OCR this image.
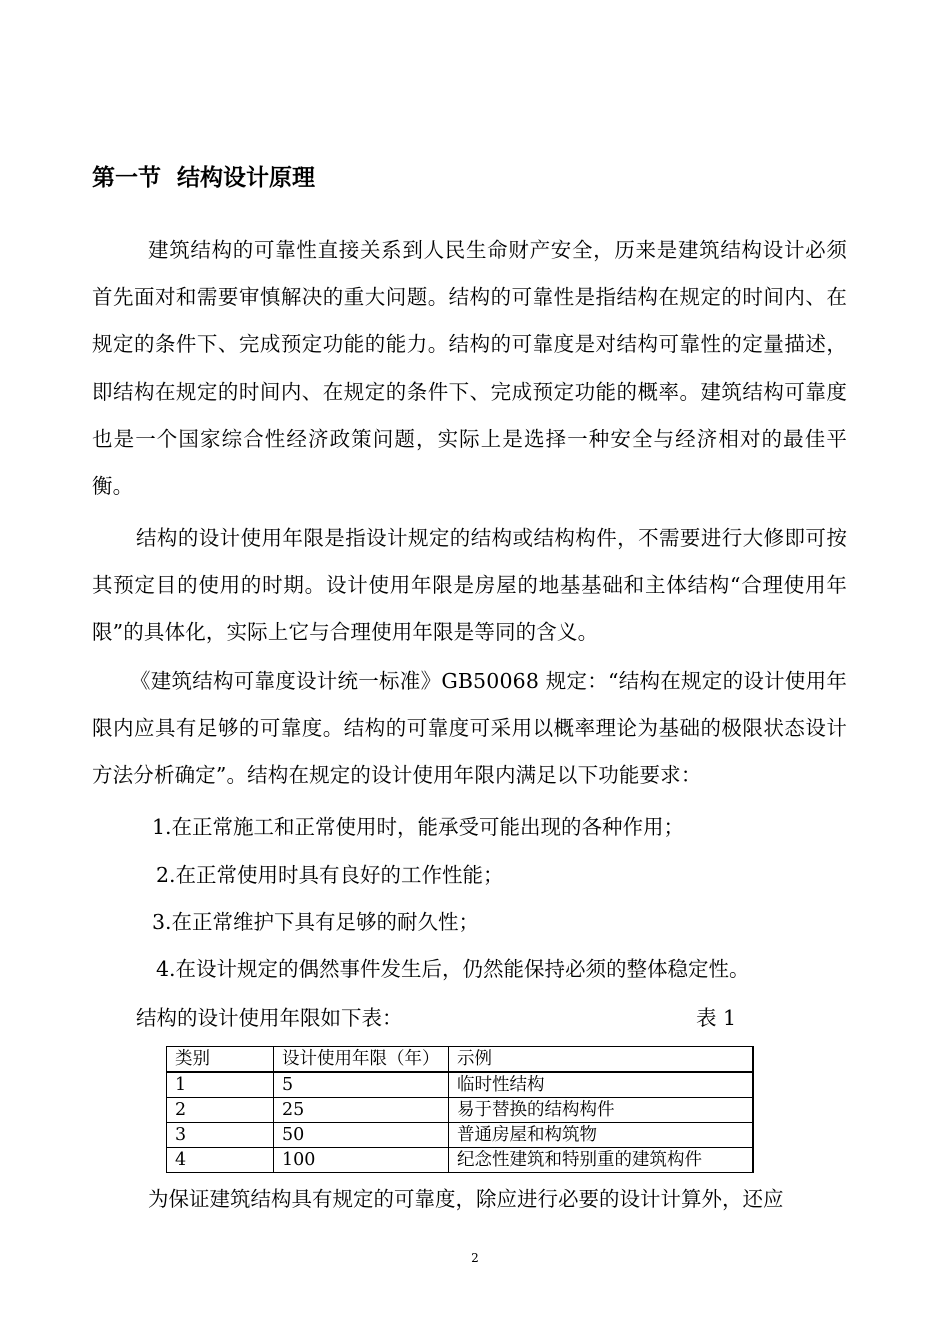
第一节  结构设计原理

建筑结构的可靠性直接关系到人民生命财产安全，历来是建筑结构设计必须首先面对和需要审慎解决的重大问题。结构的可靠性是指结构在规定的时间内、在规定的条件下、完成预定功能的能力。结构的可靠度是对结构可靠性的定量描述，即结构在规定的时间内、在规定的条件下、完成预定功能的概率。建筑结构可靠度也是一个国家综合性经济政策问题，实际上是选择一种安全与经济相对的最佳平衡。

结构的设计使用年限是指设计规定的结构或结构构件，不需要进行大修即可按其预定目的使用的时期。设计使用年限是房屋的地基基础和主体结构“合理使用年限”的具体化，实际上它与合理使用年限是等同的含义。

《建筑结构可靠度设计统一标准》GB50068 规定：“结构在规定的设计使用年限内应具有足够的可靠度。结构的可靠度可采用以概率理论为基础的极限状态设计方法分析确定”。结构在规定的设计使用年限内满足以下功能要求：

1.在正常施工和正常使用时，能承受可能出现的各种作用；

2.在正常使用时具有良好的工作性能；

3.在正常维护下具有足够的耐久性；

4.在设计规定的偶然事件发生后，仍然能保持必须的整体稳定性。

结构的设计使用年限如下表：	表 1
类别	设计使用年限（年）	示例
1	5	临时性结构
2	25	易于替换的结构构件
3	50	普通房屋和构筑物
4	100	纪念性建筑和特别重的建筑构件

为保证建筑结构具有规定的可靠度，除应进行必要的设计计算外，还应

2
